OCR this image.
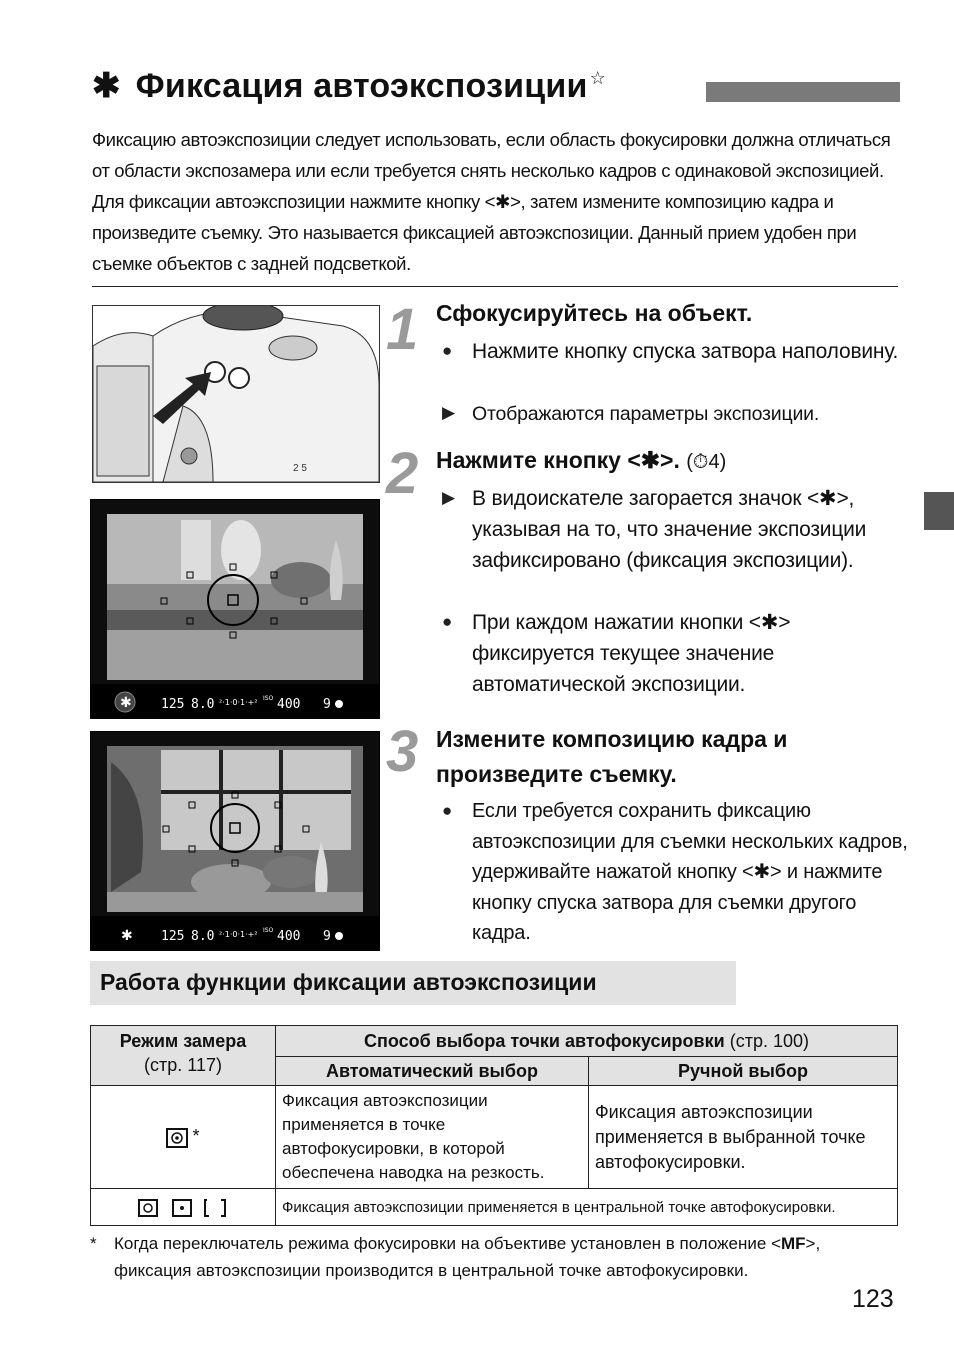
✱ Фиксация автоэкспозиции ☆
Фиксацию автоэкспозиции следует использовать, если область фокусировки должна отличаться от области экспозамера или если требуется снять несколько кадров с одинаковой экспозицией. Для фиксации автоэкспозиции нажмите кнопку <✱>, затем измените композицию кадра и произведите съемку. Это называется фиксацией автоэкспозиции. Данный прием удобен при съемке объектов с задней подсветкой.
2 5
✱ 125 8.0 ²·1·0·1·+² ISO 400 9
✱ 125 8.0 ²·1·0·1·+² ISO 400 9
1 Сфокусируйтесь на объект.
● Нажмите кнопку спуска затвора наполовину.
▶ Отображаются параметры экспозиции.
2 Нажмите кнопку <✱>. (⏱4)
▶ В видоискателе загорается значок <✱>, указывая на то, что значение экспозиции зафиксировано (фиксация экспозиции).
● При каждом нажатии кнопки <✱> фиксируется текущее значение автоматической экспозиции.
3 Измените композицию кадра и произведите съемку.
● Если требуется сохранить фиксацию автоэкспозиции для съемки нескольких кадров, удерживайте нажатой кнопку <✱> и нажмите кнопку спуска затвора для съемки другого кадра.
Работа функции фиксации автоэкспозиции
Режим замера
(стр. 117)	Способ выбора точки автофокусировки (стр. 100)	
	Автоматический выбор	Ручной выбор
*	Фиксация автоэкспозиции применяется в точке автофокусировки, в которой обеспечена наводка на резкость.	Фиксация автоэкспозиции применяется в выбранной точке автофокусировки.
	Фиксация автоэкспозиции применяется в центральной точке автофокусировки.	
* Когда переключатель режима фокусировки на объективе установлен в положение <MF>, фиксация автоэкспозиции производится в центральной точке автофокусировки.
123
